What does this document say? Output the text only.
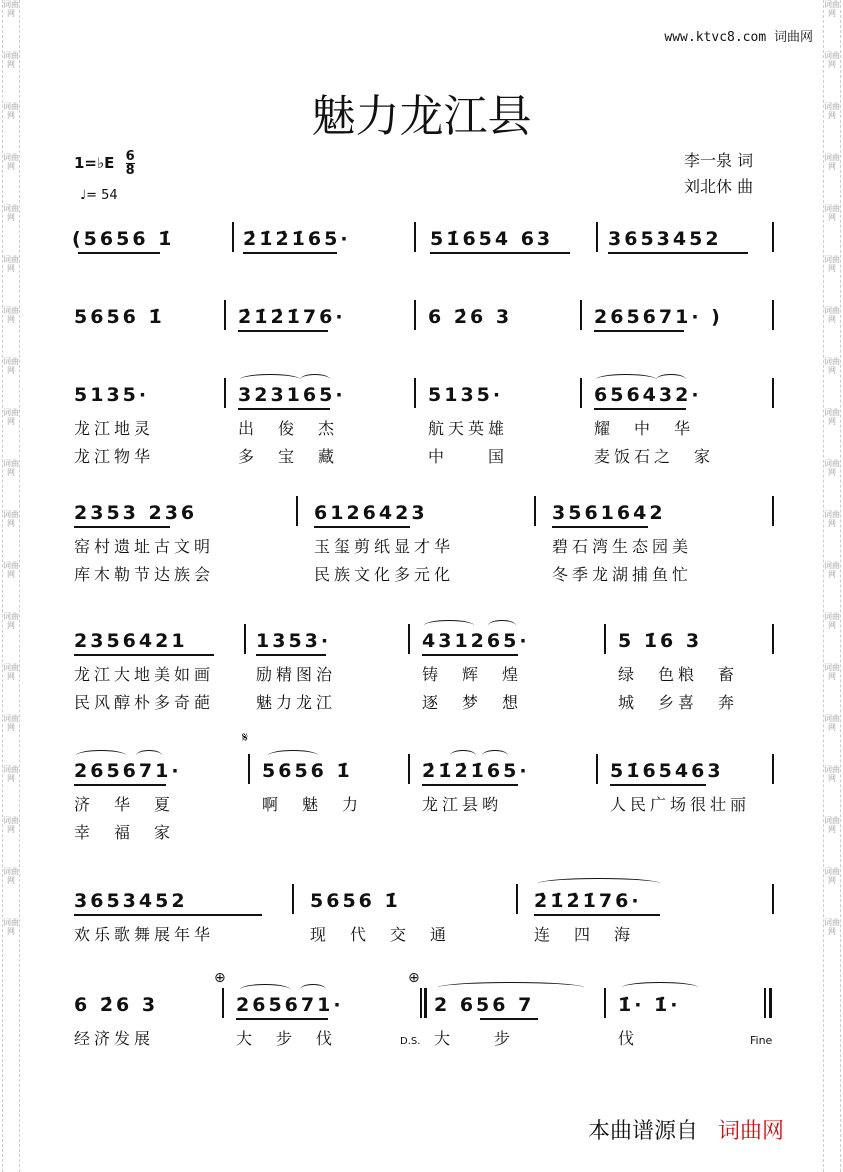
词曲网
词曲网
词曲网
词曲网
词曲网
词曲网
词曲网
词曲网
词曲网
词曲网
词曲网
词曲网
词曲网
词曲网
词曲网
词曲网
词曲网
词曲网
词曲网
词曲网
词曲网
词曲网
词曲网
词曲网
词曲网
词曲网
词曲网
词曲网
词曲网
词曲网
词曲网
词曲网
词曲网
词曲网
词曲网
词曲网
词曲网
词曲网
www.ktvc8.com 词曲网
魅力龙江县
1=♭E $\frac{6}{8}$
♩= 54
李一泉 词
刘北休 曲
(5656 1̇	2̇1̇2̇1̇65·	51̇654 63	3653452
5656 1̇	2̇1̇2̇1̇76·	6 2̇6 3	265671· )
5135·	323165·	5135·	656432·
龙江地灵	出　俊　杰	航天英雄	耀　中　华
龙江物华	多　宝　藏	中　　国	麦饭石之　家
2353 236	6126423	3561642
窑村遗址古文明	玉玺剪纸显才华	碧石湾生态园美
库木勒节达族会	民族文化多元化	冬季龙湖捕鱼忙
2356421	1353·	431265·	5 1̇6 3
龙江大地美如画	励精图治	铸　辉　煌	绿　色粮　畜
民风醇朴多奇葩	魅力龙江	逐　梦　想	城　乡喜　奔
𝄋
265671·	5656 1̇	2̇1̇2̇1̇65·	51̇65463
济　华　夏	啊　魅　力	龙江县哟	人民广场很壮丽
幸　福　家
3653452	5656 1̇	2̇1̇2̇1̇76·
欢乐歌舞展年华	现　代　交　通	连　四　海
⊕	⊕
6 2̇6 3	265671·	2 656 7	1̇· 1̇·
经济发展	大　步　伐	大　　步	伐
D.S.	Fine
本曲谱源自 词曲网
